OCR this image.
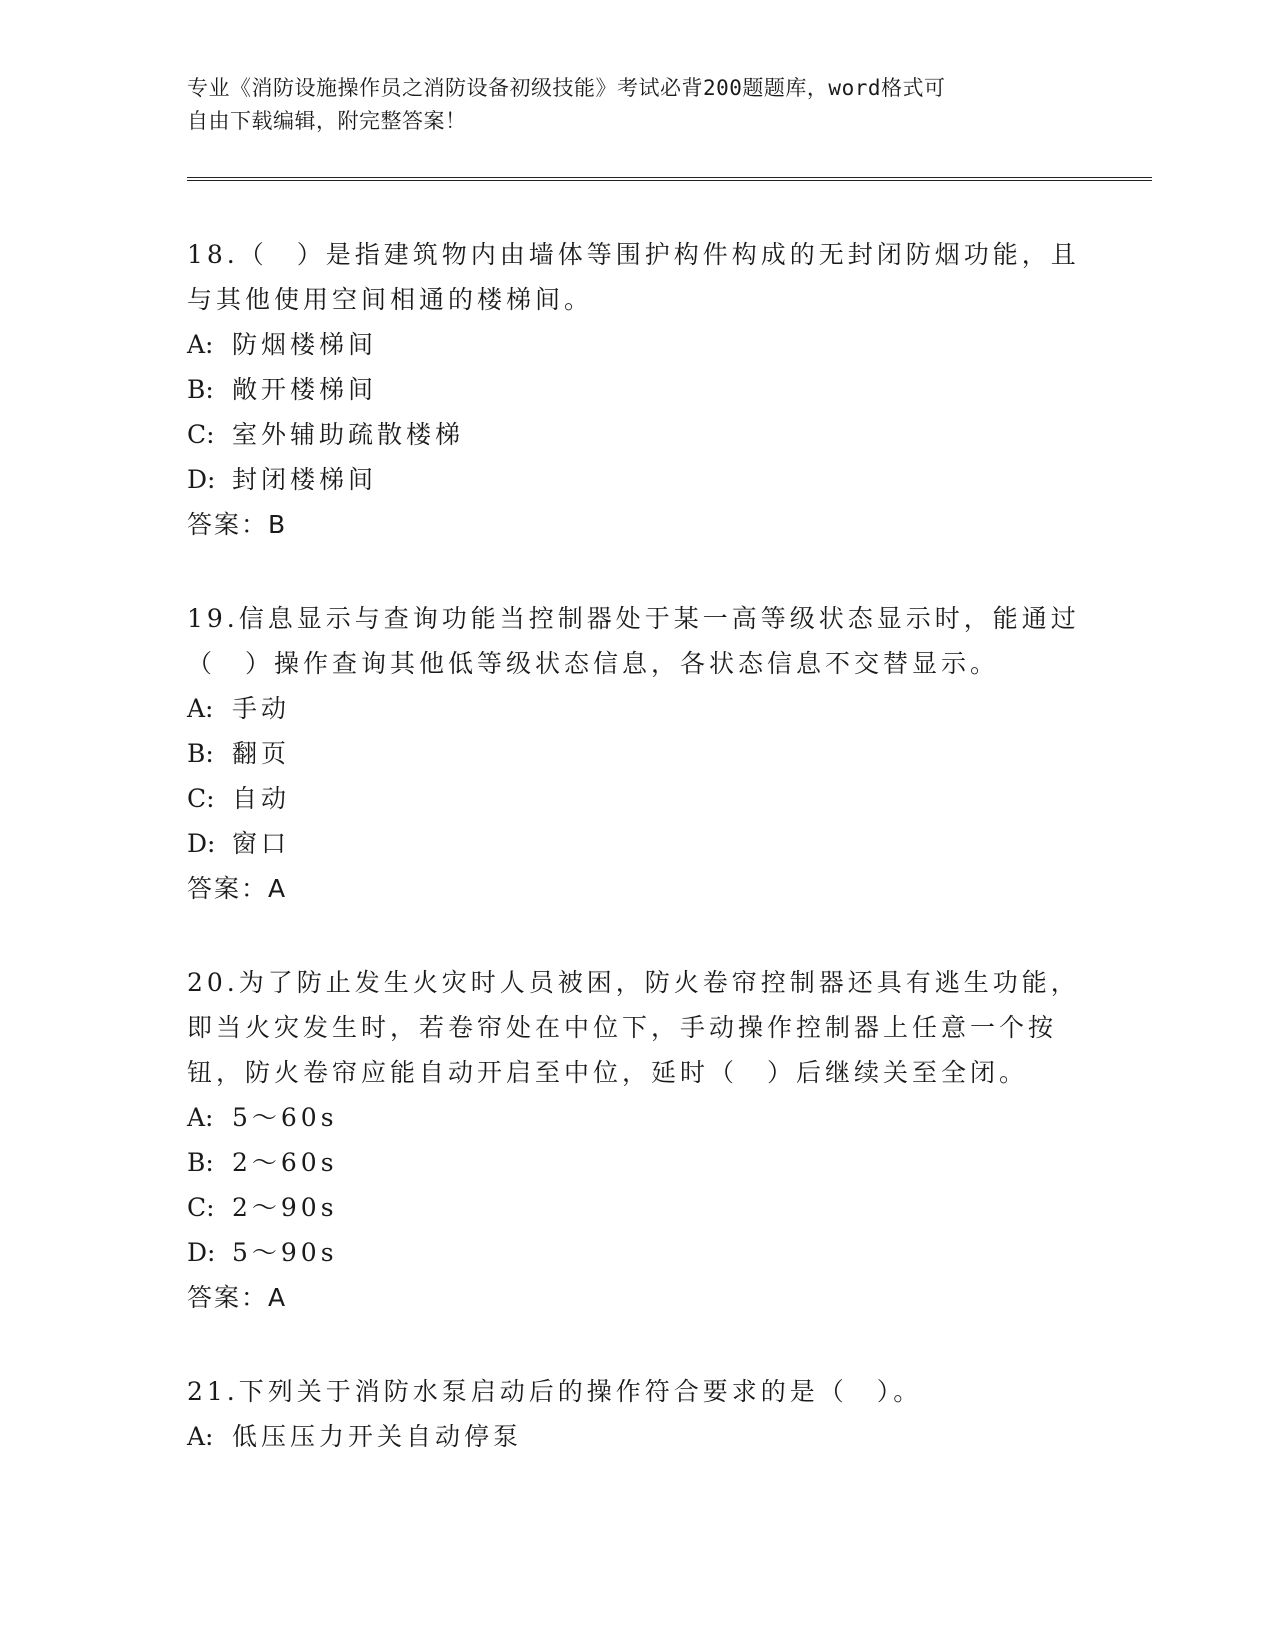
专业《消防设施操作员之消防设备初级技能》考试必背200题题库，word格式可
自由下载编辑，附完整答案！
18.（　）是指建筑物内由墙体等围护构件构成的无封闭防烟功能，且
与其他使用空间相通的楼梯间。
A: 防烟楼梯间
B: 敞开楼梯间
C: 室外辅助疏散楼梯
D: 封闭楼梯间
答案：B
19.信息显示与查询功能当控制器处于某一高等级状态显示时，能通过
（　）操作查询其他低等级状态信息，各状态信息不交替显示。
A: 手动
B: 翻页
C: 自动
D: 窗口
答案：A
20.为了防止发生火灾时人员被困，防火卷帘控制器还具有逃生功能，
即当火灾发生时，若卷帘处在中位下，手动操作控制器上任意一个按
钮，防火卷帘应能自动开启至中位，延时（　）后继续关至全闭。
A: 5～60s
B: 2～60s
C: 2～90s
D: 5～90s
答案：A
21.下列关于消防水泵启动后的操作符合要求的是（　）。
A: 低压压力开关自动停泵
